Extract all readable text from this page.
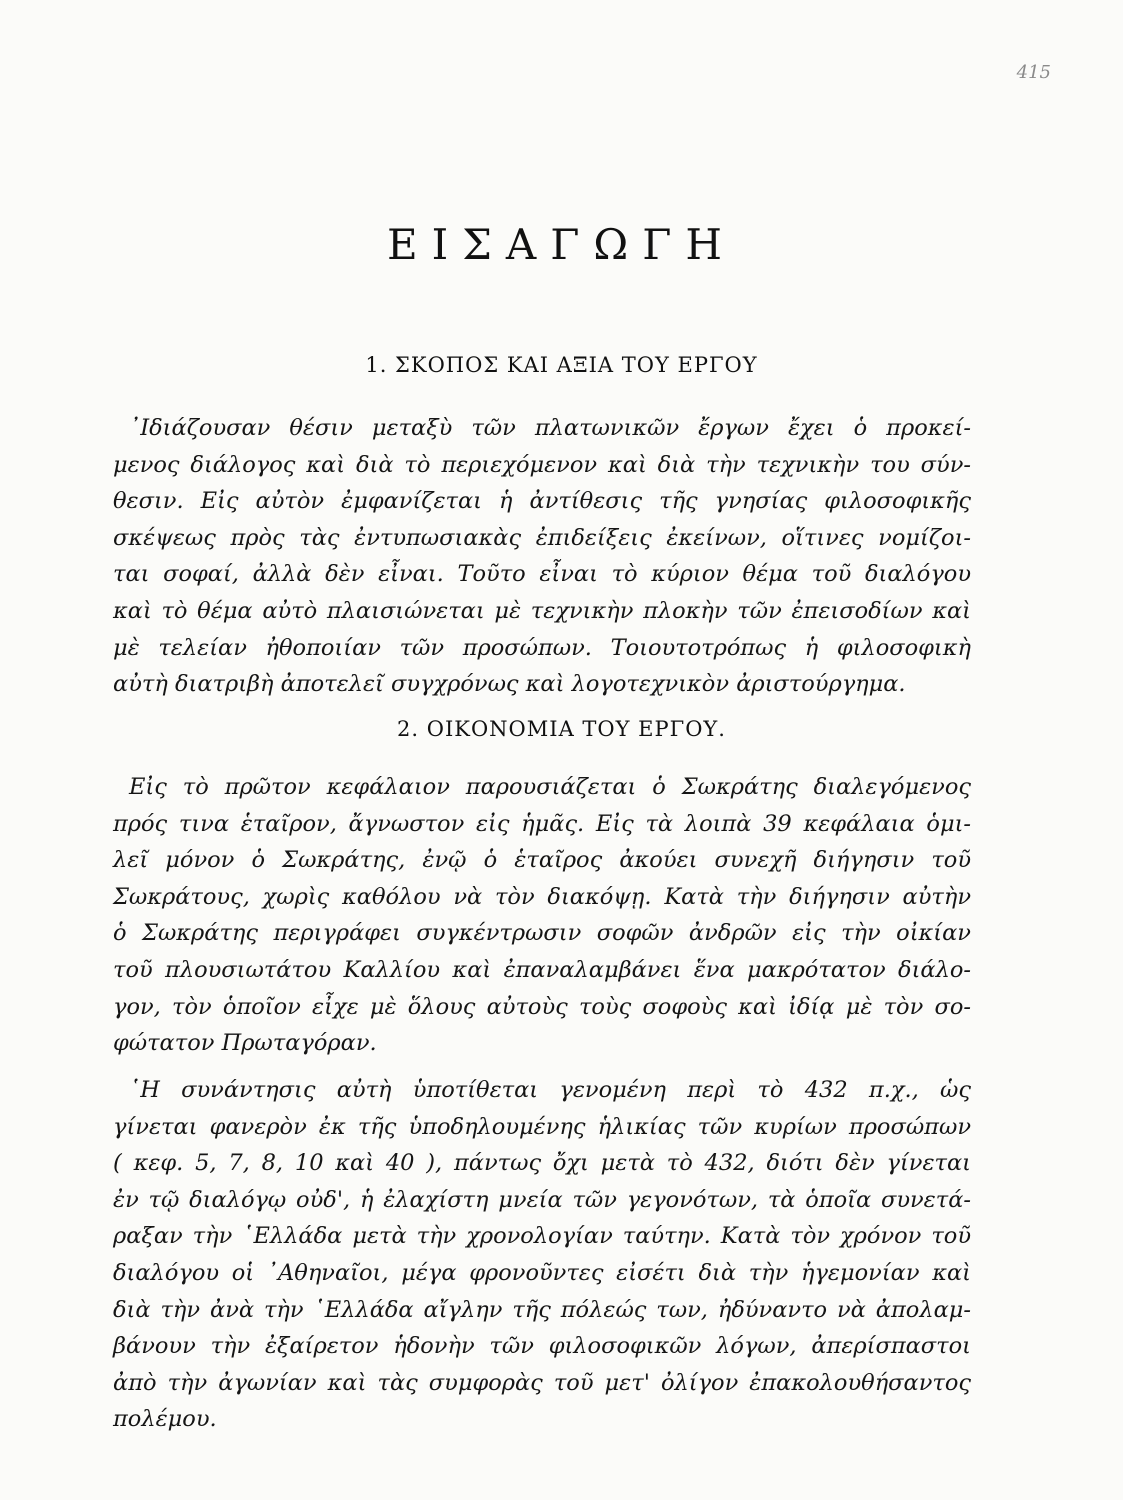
415
ΕΙΣΑΓΩΓΗ
1. ΣΚΟΠΟΣ ΚΑΙ ΑΞΙΑ ΤΟΥ ΕΡΓΟΥ

᾿Ιδιάζουσαν θέσιν μεταξὺ τῶν πλατωνικῶν ἔργων ἔχει ὁ προκεί-
μενος διάλογος καὶ διὰ τὸ περιεχόμενον καὶ διὰ τὴν τεχνικὴν του σύν-
θεσιν. Εἰς αὐτὸν ἐμφανίζεται ἡ ἀντίθεσις τῆς γνησίας φιλοσοφικῆς
σκέψεως πρὸς τὰς ἐντυπωσιακὰς ἐπιδείξεις ἐκείνων, οἵτινες νομίζοι-
ται σοφαί, ἀλλὰ δὲν εἶναι. Τοῦτο εἶναι τὸ κύριον θέμα τοῦ διαλόγου
καὶ τὸ θέμα αὐτὸ πλαισιώνεται μὲ τεχνικὴν πλοκὴν τῶν ἐπεισοδίων καὶ
μὲ τελείαν ἠθοποιίαν τῶν προσώπων. Τοιουτοτρόπως ἡ φιλοσοφικὴ
αὐτὴ διατριβὴ ἀποτελεῖ συγχρόνως καὶ λογοτεχνικὸν ἀριστούργημα.

2. ΟΙΚΟΝΟΜΙΑ ΤΟΥ ΕΡΓΟΥ.

Εἰς τὸ πρῶτον κεφάλαιον παρουσιάζεται ὁ Σωκράτης διαλεγόμενος
πρός τινα ἑταῖρον, ἄγνωστον εἰς ἡμᾶς. Εἰς τὰ λοιπὰ 39 κεφάλαια ὁμι-
λεῖ μόνον ὁ Σωκράτης, ἐνῷ ὁ ἑταῖρος ἀκούει συνεχῆ διήγησιν τοῦ
Σωκράτους, χωρὶς καθόλου νὰ τὸν διακόψῃ. Κατὰ τὴν διήγησιν αὐτὴν
ὁ Σωκράτης περιγράφει συγκέντρωσιν σοφῶν ἀνδρῶν εἰς τὴν οἰκίαν
τοῦ πλουσιωτάτου Καλλίου καὶ ἐπαναλαμβάνει ἕνα μακρότατον διάλο-
γον, τὸν ὁποῖον εἶχε μὲ ὅλους αὐτοὺς τοὺς σοφοὺς καὶ ἰδίᾳ μὲ τὸν σο-
φώτατον Πρωταγόραν.

῾Η συνάντησις αὐτὴ ὑποτίθεται γενομένη περὶ τὸ 432 π.χ., ὡς
γίνεται φανερὸν ἐκ τῆς ὑποδηλουμένης ἡλικίας τῶν κυρίων προσώπων
( κεφ. 5, 7, 8, 10 καὶ 40 ), πάντως ὄχι μετὰ τὸ 432, διότι δὲν γίνεται
ἐν τῷ διαλόγῳ οὐδ', ἡ ἐλαχίστη μνεία τῶν γεγονότων, τὰ ὁποῖα συνετά-
ραξαν τὴν ῾Ελλάδα μετὰ τὴν χρονολογίαν ταύτην. Κατὰ τὸν χρόνον τοῦ
διαλόγου οἱ ᾿Αθηναῖοι, μέγα φρονοῦντες εἰσέτι διὰ τὴν ἡγεμονίαν καὶ
διὰ τὴν ἀνὰ τὴν ῾Ελλάδα αἴγλην τῆς πόλεώς των, ἠδύναντο νὰ ἀπολαμ-
βάνουν τὴν ἐξαίρετον ἡδονὴν τῶν φιλοσοφικῶν λόγων, ἀπερίσπαστοι
ἀπὸ τὴν ἀγωνίαν καὶ τὰς συμφορὰς τοῦ μετ' ὀλίγον ἐπακολουθήσαντος
πολέμου.
